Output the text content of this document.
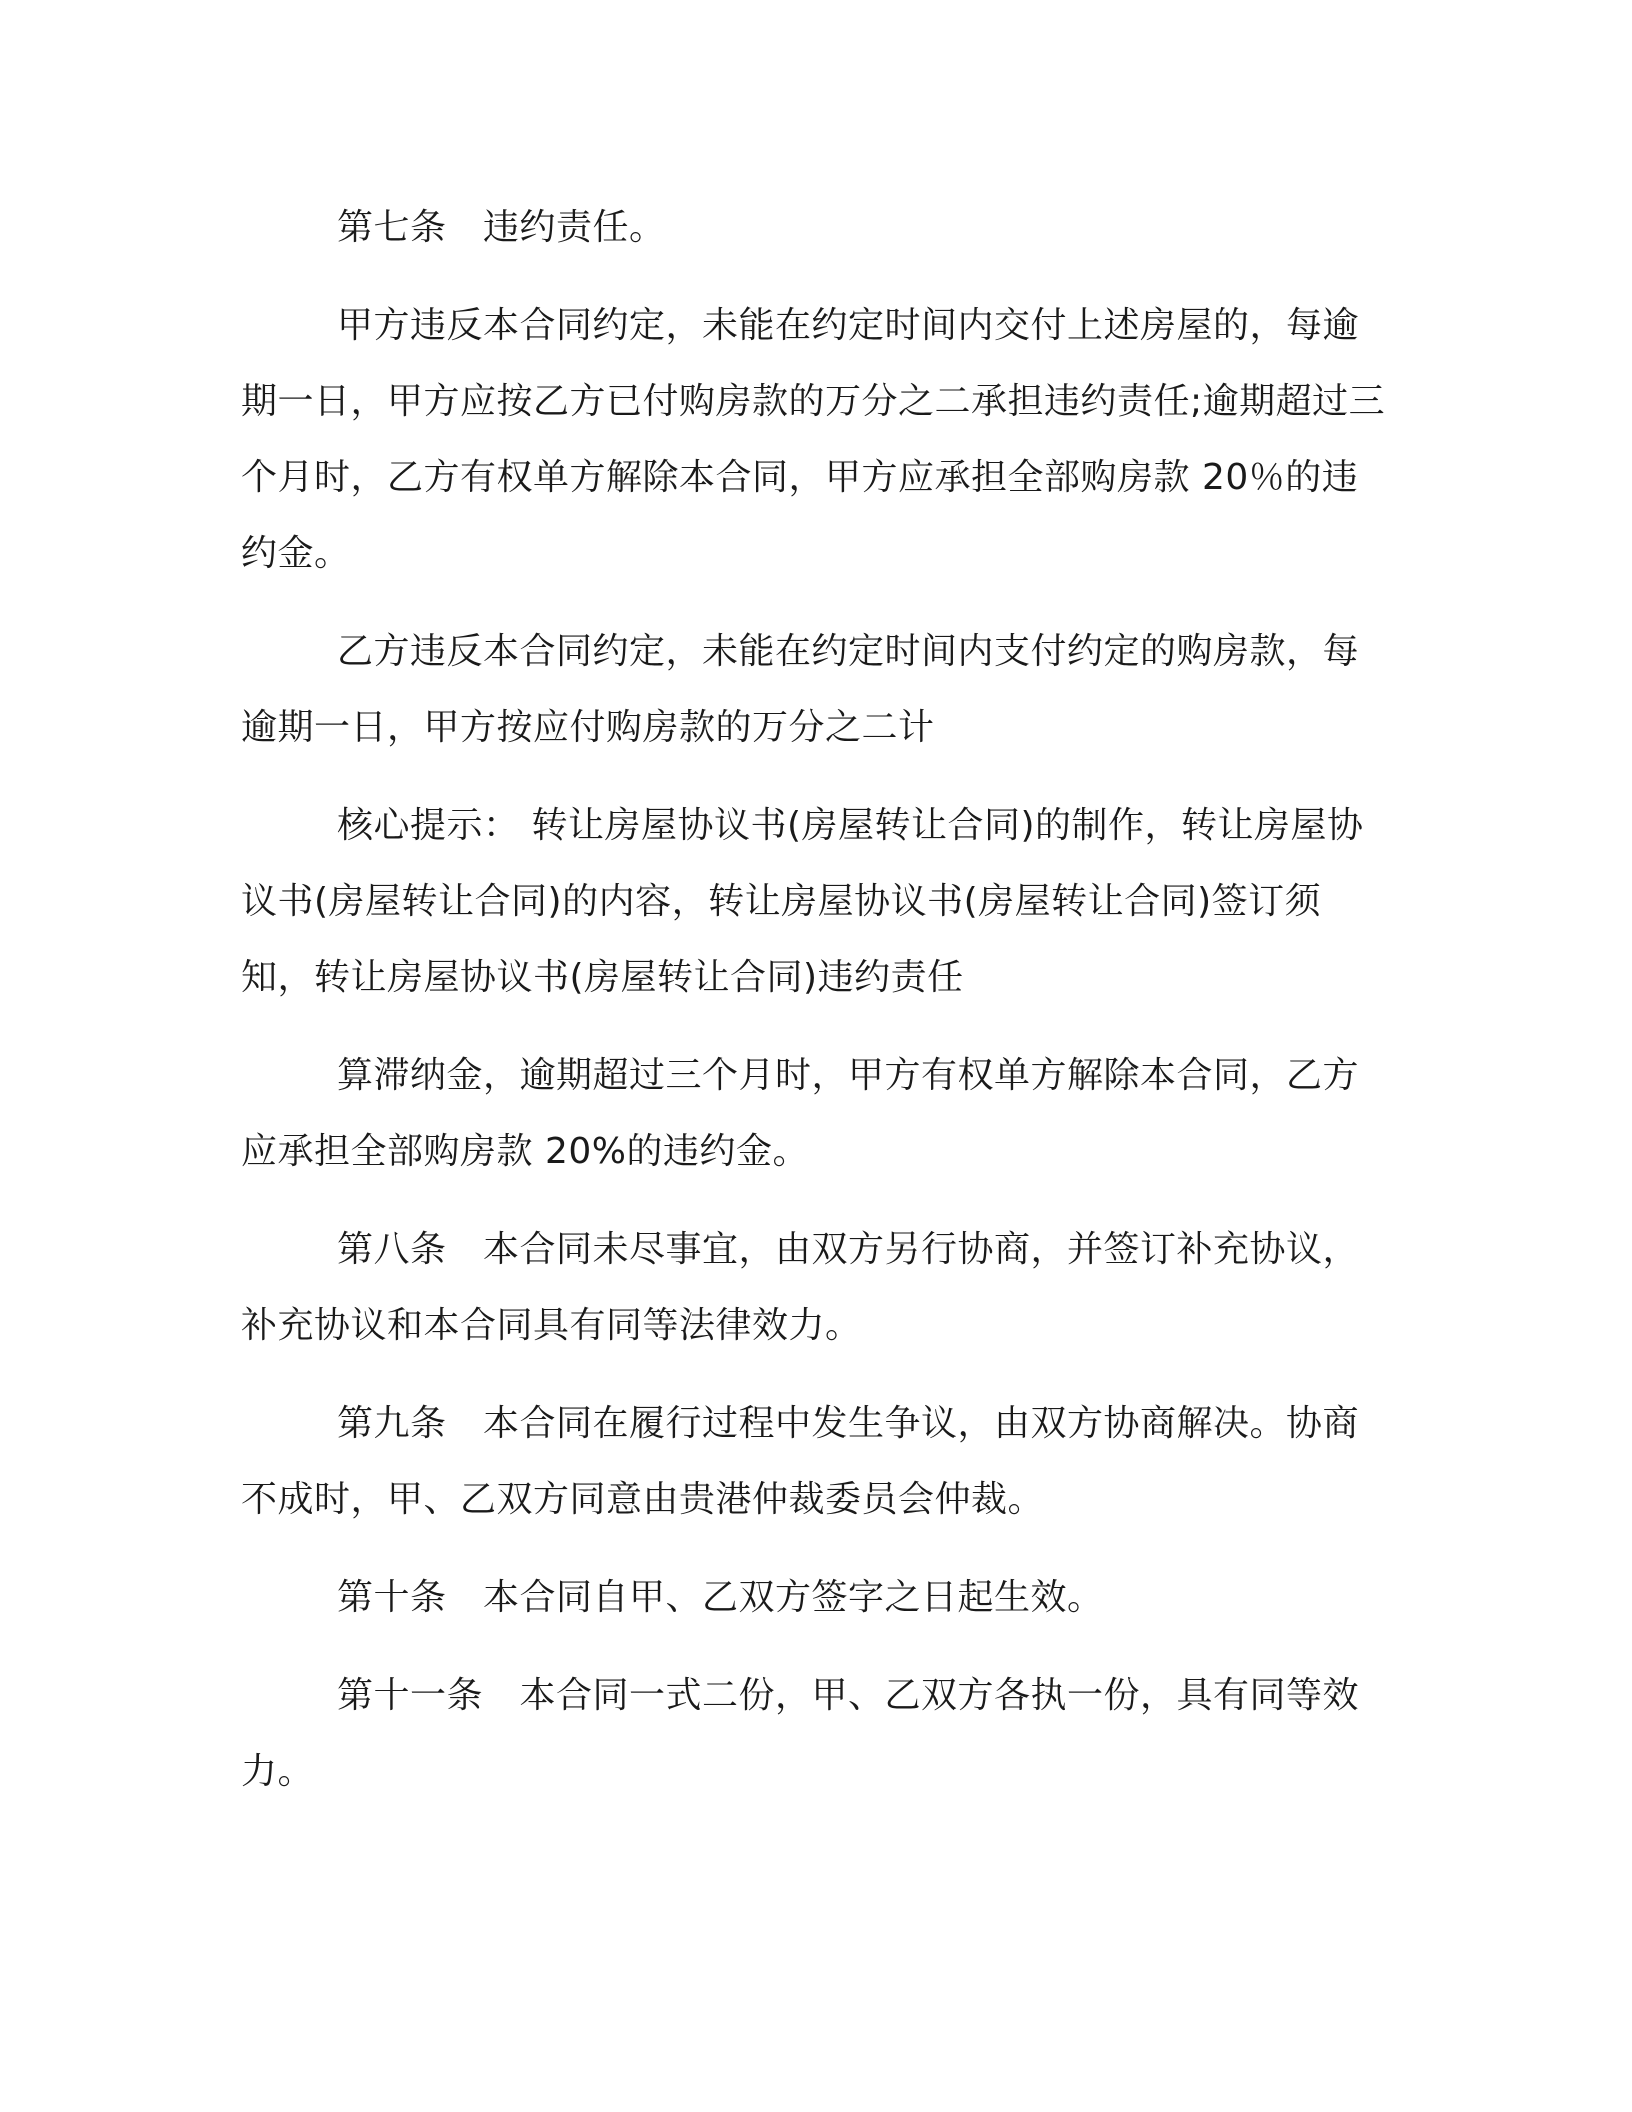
第七条　违约责任。

甲方违反本合同约定，未能在约定时间内交付上述房屋的，每逾期一日，甲方应按乙方已付购房款的万分之二承担违约责任;逾期超过三个月时，乙方有权单方解除本合同，甲方应承担全部购房款 20％的违约金。

乙方违反本合同约定，未能在约定时间内支付约定的购房款，每逾期一日，甲方按应付购房款的万分之二计

核心提示： 转让房屋协议书(房屋转让合同)的制作，转让房屋协议书(房屋转让合同)的内容，转让房屋协议书(房屋转让合同)签订须知，转让房屋协议书(房屋转让合同)违约责任

算滞纳金，逾期超过三个月时，甲方有权单方解除本合同，乙方应承担全部购房款 20%的违约金。

第八条　本合同未尽事宜，由双方另行协商，并签订补充协议，补充协议和本合同具有同等法律效力。

第九条　本合同在履行过程中发生争议，由双方协商解决。协商不成时，甲、乙双方同意由贵港仲裁委员会仲裁。

第十条　本合同自甲、乙双方签字之日起生效。

第十一条　本合同一式二份，甲、乙双方各执一份，具有同等效力。
